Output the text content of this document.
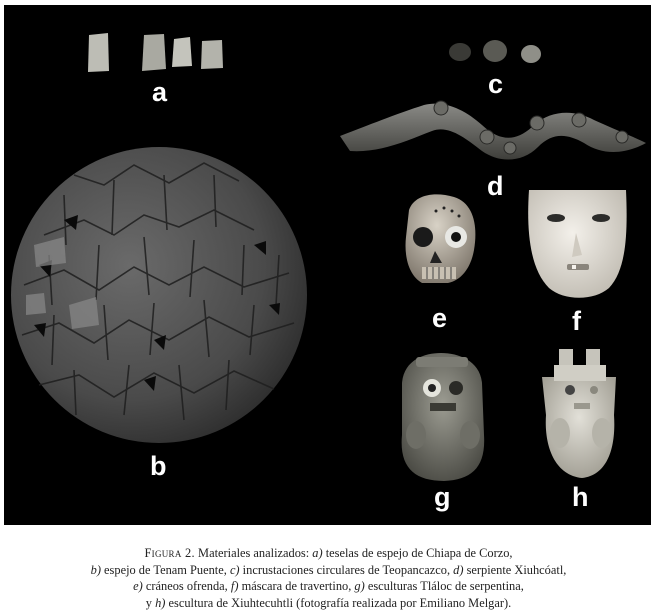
a
b
c
d
e	f
g	h
Figura 2. Materiales analizados: a) teselas de espejo de Chiapa de Corzo,
b) espejo de Tenam Puente, c) incrustaciones circulares de Teopancazco, d) serpiente Xiuhcóatl,
e) cráneos ofrenda, f) máscara de travertino, g) esculturas Tláloc de serpentina,
y h) escultura de Xiuhtecuhtli (fotografía realizada por Emiliano Melgar).
